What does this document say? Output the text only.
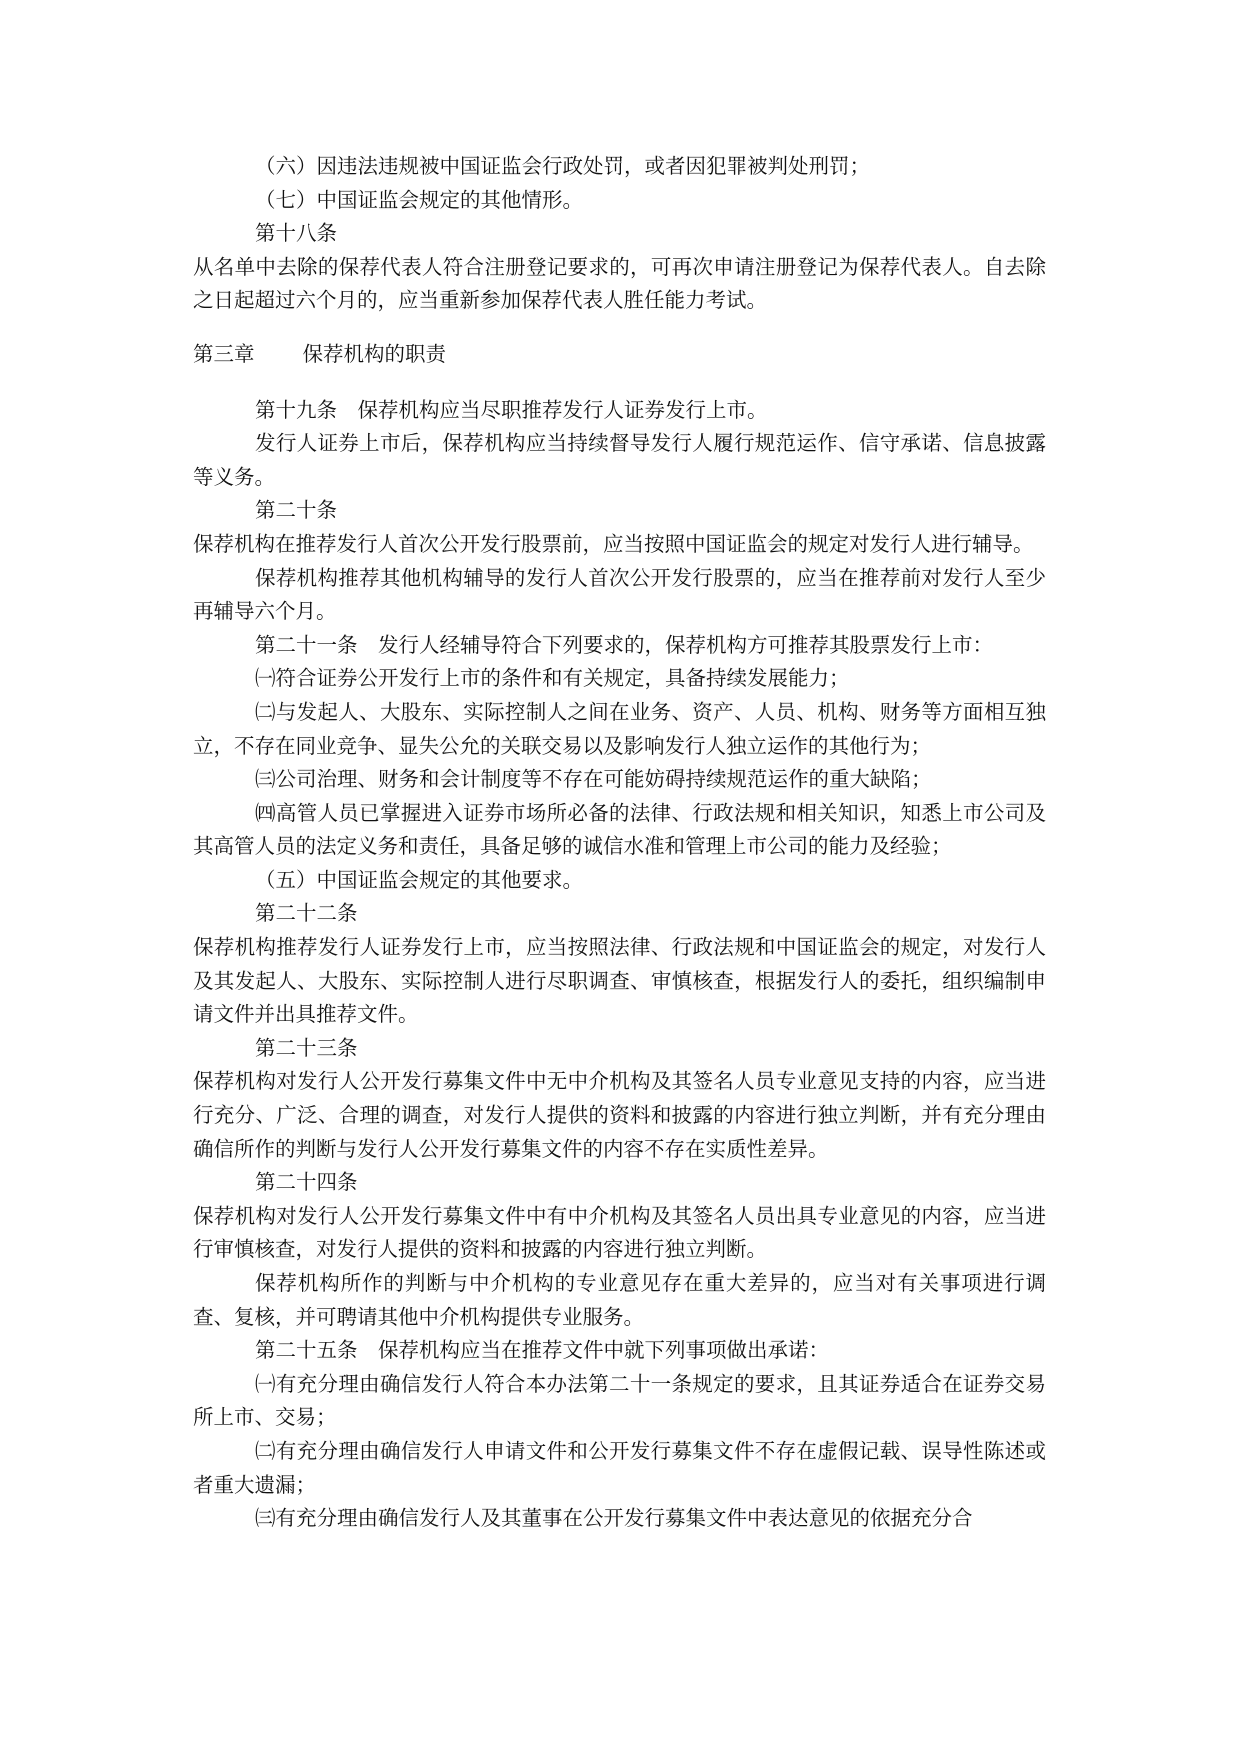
（六）因违法违规被中国证监会行政处罚，或者因犯罪被判处刑罚；

（七）中国证监会规定的其他情形。

第十八条

从名单中去除的保荐代表人符合注册登记要求的，可再次申请注册登记为保荐代表人。自去除之日起超过六个月的，应当重新参加保荐代表人胜任能力考试。

第三章 保荐机构的职责

第十九条　保荐机构应当尽职推荐发行人证券发行上市。

发行人证券上市后，保荐机构应当持续督导发行人履行规范运作、信守承诺、信息披露等义务。

第二十条

保荐机构在推荐发行人首次公开发行股票前，应当按照中国证监会的规定对发行人进行辅导。

保荐机构推荐其他机构辅导的发行人首次公开发行股票的，应当在推荐前对发行人至少再辅导六个月。

第二十一条　发行人经辅导符合下列要求的，保荐机构方可推荐其股票发行上市：

㈠符合证券公开发行上市的条件和有关规定，具备持续发展能力；

㈡与发起人、大股东、实际控制人之间在业务、资产、人员、机构、财务等方面相互独立，不存在同业竞争、显失公允的关联交易以及影响发行人独立运作的其他行为；

㈢公司治理、财务和会计制度等不存在可能妨碍持续规范运作的重大缺陷；

㈣高管人员已掌握进入证券市场所必备的法律、行政法规和相关知识，知悉上市公司及其高管人员的法定义务和责任，具备足够的诚信水准和管理上市公司的能力及经验；

（五）中国证监会规定的其他要求。

第二十二条

保荐机构推荐发行人证券发行上市，应当按照法律、行政法规和中国证监会的规定，对发行人及其发起人、大股东、实际控制人进行尽职调查、审慎核查，根据发行人的委托，组织编制申请文件并出具推荐文件。

第二十三条

保荐机构对发行人公开发行募集文件中无中介机构及其签名人员专业意见支持的内容，应当进行充分、广泛、合理的调查，对发行人提供的资料和披露的内容进行独立判断，并有充分理由确信所作的判断与发行人公开发行募集文件的内容不存在实质性差异。

第二十四条

保荐机构对发行人公开发行募集文件中有中介机构及其签名人员出具专业意见的内容，应当进行审慎核查，对发行人提供的资料和披露的内容进行独立判断。

保荐机构所作的判断与中介机构的专业意见存在重大差异的，应当对有关事项进行调查、复核，并可聘请其他中介机构提供专业服务。

第二十五条　保荐机构应当在推荐文件中就下列事项做出承诺：

㈠有充分理由确信发行人符合本办法第二十一条规定的要求，且其证券适合在证券交易所上市、交易；

㈡有充分理由确信发行人申请文件和公开发行募集文件不存在虚假记载、误导性陈述或者重大遗漏；

㈢有充分理由确信发行人及其董事在公开发行募集文件中表达意见的依据充分合
